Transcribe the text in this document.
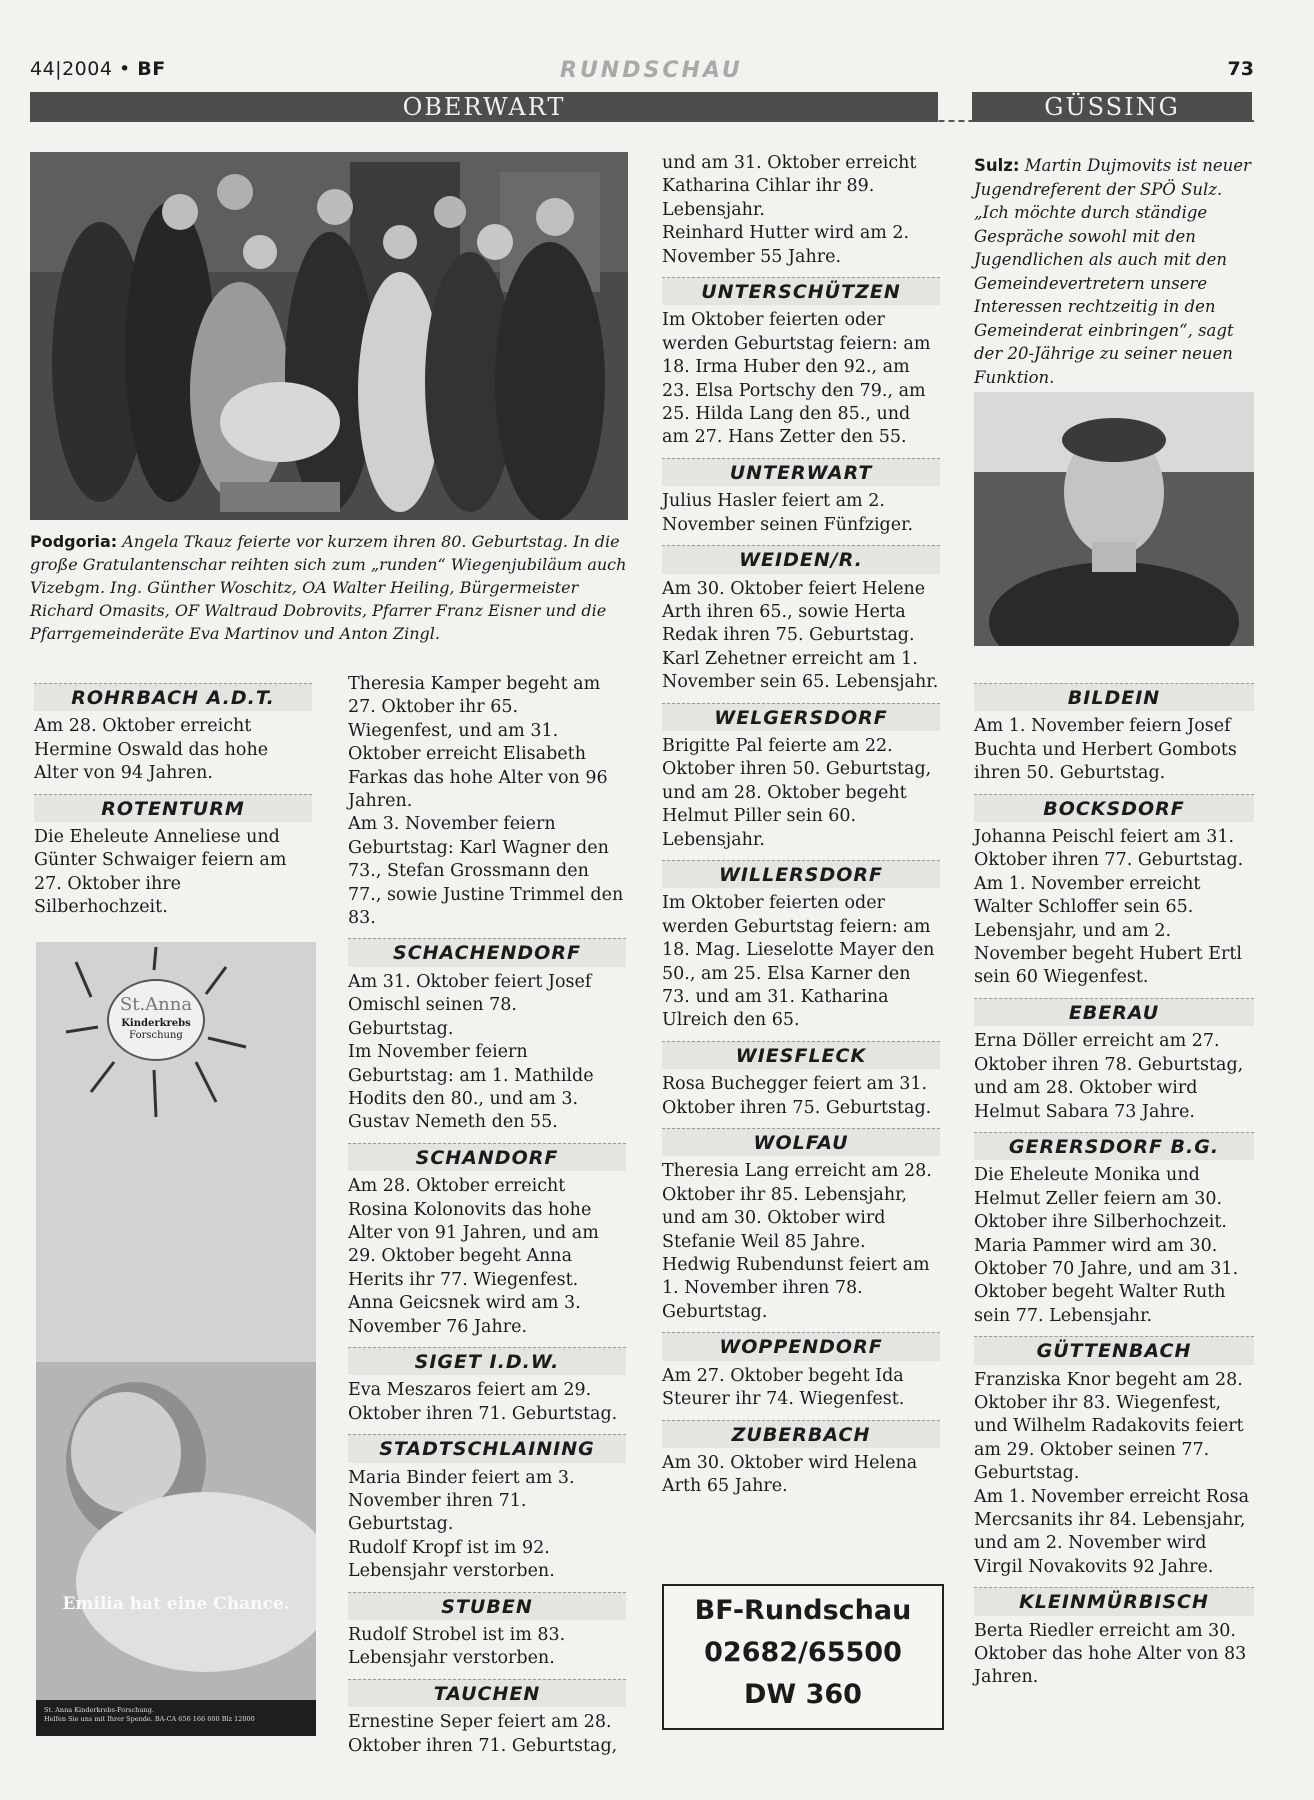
44|2004 • BF	RUNDSCHAU	73
OBERWART	GÜSSING
Podgoria: Angela Tkauz feierte vor kurzem ihren 80. Geburtstag. In die große Gratulantenschar reihten sich zum „runden“ Wiegenjubiläum auch Vizebgm. Ing. Günther Woschitz, OA Walter Heiling, Bürgermeister Richard Omasits, OF Waltraud Dobrovits, Pfarrer Franz Eisner und die Pfarrgemeinderäte Eva Martinov und Anton Zingl.
ROHRBACH A.D.T.

Am 28. Oktober erreicht Hermine Oswald das hohe Alter von 94 Jahren.

ROTENTURM

Die Eheleute Anneliese und Günter Schwaiger feiern am 27. Oktober ihre Silberhochzeit.

St.Anna
Kinderkrebs
Forschung
Emilia hat eine Chance.
St. Anna Kinderkrebs-Forschung.
Helfen Sie uns mit Ihrer Spende. BA-CA 656 166 600 Blz 12000

Theresia Kamper begeht am 27. Oktober ihr 65. Wiegenfest, und am 31. Oktober erreicht Elisabeth Farkas das hohe Alter von 96 Jahren.

Am 3. November feiern Geburtstag: Karl Wagner den 73., Stefan Grossmann den 77., sowie Justine Trimmel den 83.

SCHACHENDORF

Am 31. Oktober feiert Josef Omischl seinen 78. Geburtstag.

Im November feiern Geburtstag: am 1. Mathilde Hodits den 80., und am 3. Gustav Nemeth den 55.

SCHANDORF

Am 28. Oktober erreicht Rosina Kolonovits das hohe Alter von 91 Jahren, und am 29. Oktober begeht Anna Herits ihr 77. Wiegenfest.

Anna Geicsnek wird am 3. November 76 Jahre.

SIGET I.D.W.

Eva Meszaros feiert am 29. Oktober ihren 71. Geburtstag.

STADTSCHLAINING

Maria Binder feiert am 3. November ihren 71. Geburtstag.

Rudolf Kropf ist im 92. Lebensjahr verstorben.

STUBEN

Rudolf Strobel ist im 83. Lebensjahr verstorben.

TAUCHEN

Ernestine Seper feiert am 28. Oktober ihren 71. Geburtstag,

und am 31. Oktober erreicht Katharina Cihlar ihr 89. Lebensjahr.

Reinhard Hutter wird am 2. November 55 Jahre.

UNTERSCHÜTZEN

Im Oktober feierten oder werden Geburtstag feiern: am 18. Irma Huber den 92., am 23. Elsa Portschy den 79., am 25. Hilda Lang den 85., und am 27. Hans Zetter den 55.

UNTERWART

Julius Hasler feiert am 2. November seinen Fünfziger.

WEIDEN/R.

Am 30. Oktober feiert Helene Arth ihren 65., sowie Herta Redak ihren 75. Geburtstag.

Karl Zehetner erreicht am 1. November sein 65. Lebensjahr.

WELGERSDORF

Brigitte Pal feierte am 22. Oktober ihren 50. Geburtstag, und am 28. Oktober begeht Helmut Piller sein 60. Lebensjahr.

WILLERSDORF

Im Oktober feierten oder werden Geburtstag feiern: am 18. Mag. Lieselotte Mayer den 50., am 25. Elsa Karner den 73. und am 31. Katharina Ulreich den 65.

WIESFLECK

Rosa Buchegger feiert am 31. Oktober ihren 75. Geburtstag.

WOLFAU

Theresia Lang erreicht am 28. Oktober ihr 85. Lebensjahr, und am 30. Oktober wird Stefanie Weil 85 Jahre.

Hedwig Rubendunst feiert am 1. November ihren 78. Geburtstag.

WOPPENDORF

Am 27. Oktober begeht Ida Steurer ihr 74. Wiegenfest.

ZUBERBACH

Am 30. Oktober wird Helena Arth 65 Jahre.

BF-Rundschau
02682/65500
DW 360
Sulz: Martin Dujmovits ist neuer Jugendreferent der SPÖ Sulz. „Ich möchte durch ständige Gespräche sowohl mit den Jugendlichen als auch mit den Gemeindevertretern unsere Interessen rechtzeitig in den Gemeinderat einbringen“, sagt der 20-Jährige zu seiner neuen Funktion.
BILDEIN

Am 1. November feiern Josef Buchta und Herbert Gombots ihren 50. Geburtstag.

BOCKSDORF

Johanna Peischl feiert am 31. Oktober ihren 77. Geburtstag.

Am 1. November erreicht Walter Schloffer sein 65. Lebensjahr, und am 2. November begeht Hubert Ertl sein 60 Wiegenfest.

EBERAU

Erna Döller erreicht am 27. Oktober ihren 78. Geburtstag, und am 28. Oktober wird Helmut Sabara 73 Jahre.

GERERSDORF B.G.

Die Eheleute Monika und Helmut Zeller feiern am 30. Oktober ihre Silberhochzeit.

Maria Pammer wird am 30. Oktober 70 Jahre, und am 31. Oktober begeht Walter Ruth sein 77. Lebensjahr.

GÜTTENBACH

Franziska Knor begeht am 28. Oktober ihr 83. Wiegenfest, und Wilhelm Radakovits feiert am 29. Oktober seinen 77. Geburtstag.

Am 1. November erreicht Rosa Mercsanits ihr 84. Lebensjahr, und am 2. November wird Virgil Novakovits 92 Jahre.

KLEINMÜRBISCH

Berta Riedler erreicht am 30. Oktober das hohe Alter von 83 Jahren.
